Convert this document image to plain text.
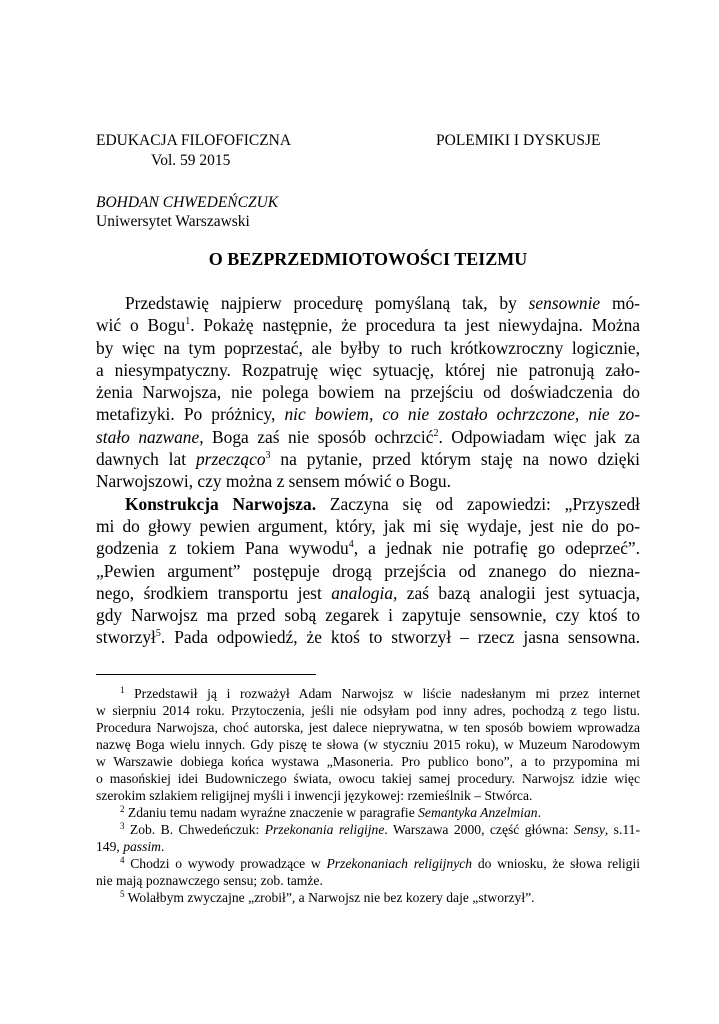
EDUKACJA FILOFOFICZNA
Vol. 59 2015
POLEMIKI I DYSKUSJE
BOHDAN CHWEDEŃCZUK
Uniwersytet Warszawski
O BEZPRZEDMIOTOWOŚCI TEIZMU
Przedstawię najpierw procedurę pomyślaną tak, by sensownie mó-
wić o Bogu$^1$. Pokażę następnie, że procedura ta jest niewydajna. Można
by więc na tym poprzestać, ale byłby to ruch krótkowzroczny logicznie,
a niesympatyczny. Rozpatruję więc sytuację, której nie patronują zało-
żenia Narwojsza, nie polega bowiem na przejściu od doświadczenia do
metafizyki. Po próżnicy, nic bowiem, co nie zostało ochrzczone, nie zo-
stało nazwane, Boga zaś nie sposób ochrzcić$^2$. Odpowiadam więc jak za
dawnych lat przecząco$^3$ na pytanie, przed którym staję na nowo dzięki
Narwojszowi, czy można z sensem mówić o Bogu.
Konstrukcja Narwojsza. Zaczyna się od zapowiedzi: „Przyszedł
mi do głowy pewien argument, który, jak mi się wydaje, jest nie do po-
godzenia z tokiem Pana wywodu$^4$, a jednak nie potrafię go odeprzeć”.
„Pewien argument” postępuje drogą przejścia od znanego do niezna-
nego, środkiem transportu jest analogia, zaś bazą analogii jest sytuacja,
gdy Narwojsz ma przed sobą zegarek i zapytuje sensownie, czy ktoś to
stworzył$^5$. Pada odpowiedź, że ktoś to stworzył – rzecz jasna sensowna.
$^1$ Przedstawił ją i rozważył Adam Narwojsz w liście nadesłanym mi przez internet
w sierpniu 2014 roku. Przytoczenia, jeśli nie odsyłam pod inny adres, pochodzą z tego listu.
Procedura Narwojsza, choć autorska, jest dalece nieprywatna, w ten sposób bowiem wprowadza
nazwę Boga wielu innych. Gdy piszę te słowa (w styczniu 2015 roku), w Muzeum Narodowym
w Warszawie dobiega końca wystawa „Masoneria. Pro publico bono”, a to przypomina mi
o masońskiej idei Budowniczego świata, owocu takiej samej procedury. Narwojsz idzie więc
szerokim szlakiem religijnej myśli i inwencji językowej: rzemieślnik – Stwórca.
$^2$ Zdaniu temu nadam wyraźne znaczenie w paragrafie Semantyka Anzelmian.
$^3$ Zob. B. Chwedeńczuk: Przekonania religijne. Warszawa 2000, część główna: Sensy, s.11-
149, passim.
$^4$ Chodzi o wywody prowadzące w Przekonaniach religijnych do wniosku, że słowa religii
nie mają poznawczego sensu; zob. tamże.
$^5$ Wolałbym zwyczajne „zrobił”, a Narwojsz nie bez kozery daje „stworzył”.
